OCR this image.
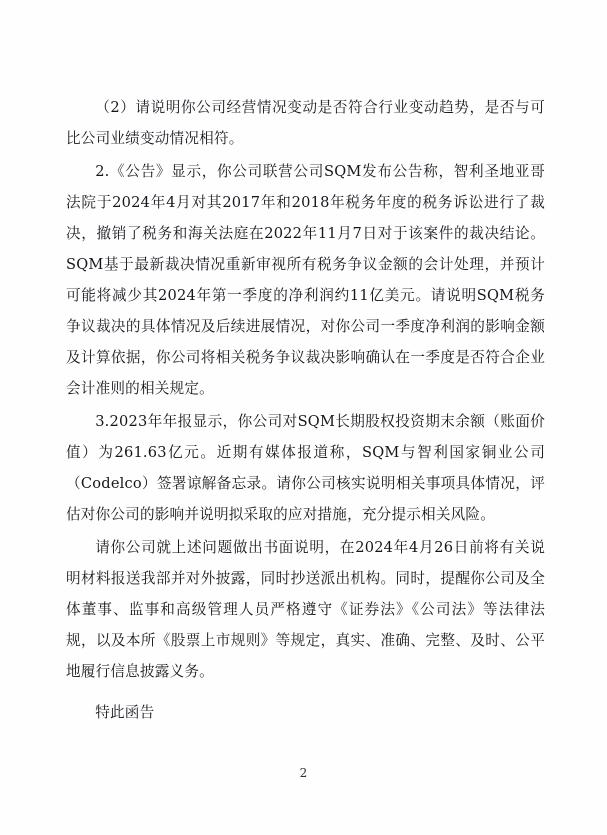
（2）请说明你公司经营情况变动是否符合行业变动趋势，是否与可比公司业绩变动情况相符。

2.《公告》显示，你公司联营公司SQM发布公告称，智利圣地亚哥法院于2024年4月对其2017年和2018年税务年度的税务诉讼进行了裁决，撤销了税务和海关法庭在2022年11月7日对于该案件的裁决结论。SQM基于最新裁决情况重新审视所有税务争议金额的会计处理，并预计可能将减少其2024年第一季度的净利润约11亿美元。请说明SQM税务争议裁决的具体情况及后续进展情况，对你公司一季度净利润的影响金额及计算依据，你公司将相关税务争议裁决影响确认在一季度是否符合企业会计准则的相关规定。

3.2023年年报显示，你公司对SQM长期股权投资期末余额（账面价值）为261.63亿元。近期有媒体报道称，SQM与智利国家铜业公司（Codelco）签署谅解备忘录。请你公司核实说明相关事项具体情况，评估对你公司的影响并说明拟采取的应对措施，充分提示相关风险。

请你公司就上述问题做出书面说明，在2024年4月26日前将有关说明材料报送我部并对外披露，同时抄送派出机构。同时，提醒你公司及全体董事、监事和高级管理人员严格遵守《证券法》《公司法》等法律法规，以及本所《股票上市规则》等规定，真实、准确、完整、及时、公平地履行信息披露义务。

特此函告

2
